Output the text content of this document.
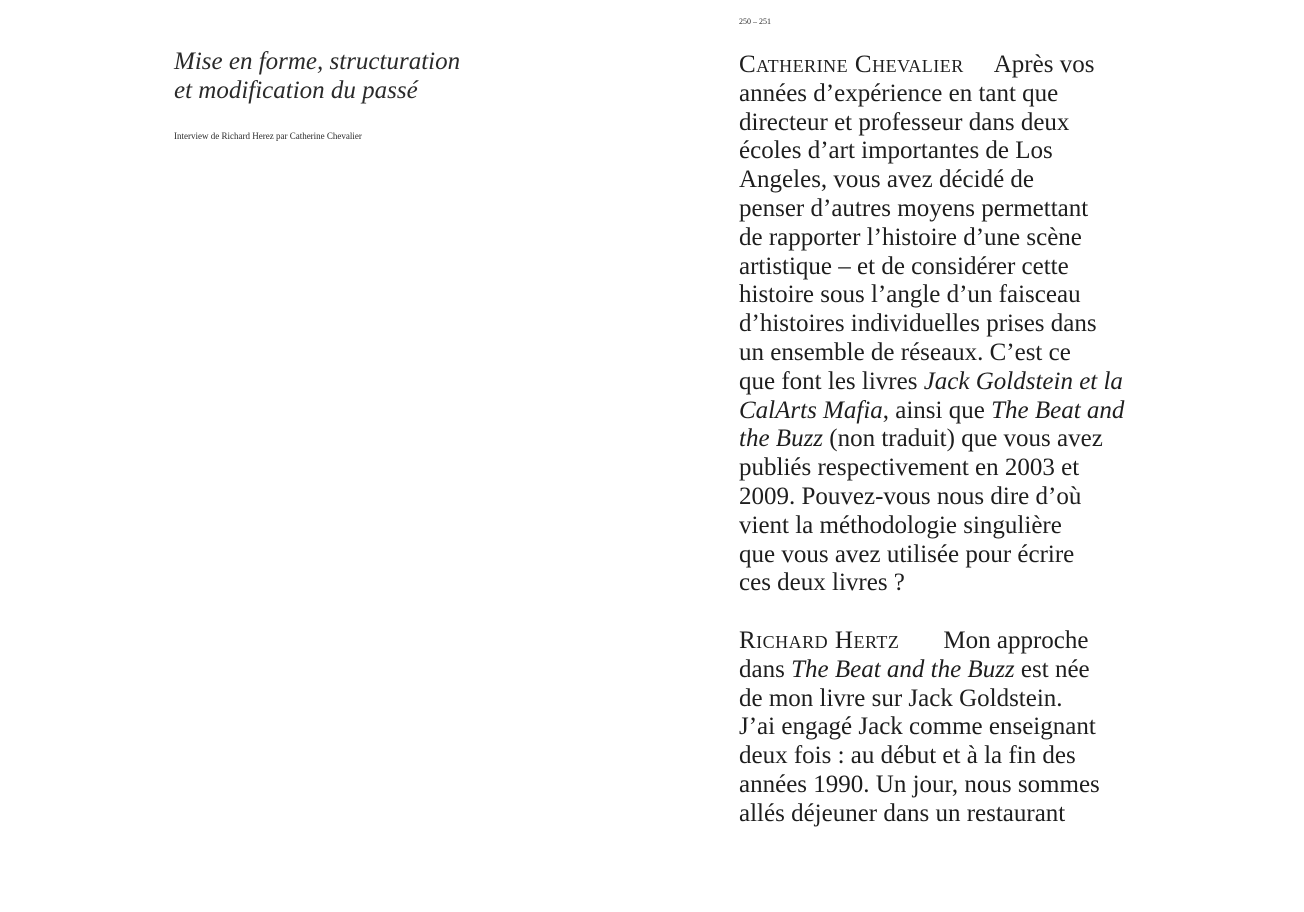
Mise en forme, structuration
et modification du passé

Interview de Richard Herez par Catherine Chevalier

250 – 251

Catherine Chevalier Après vos
années d’expérience en tant que
directeur et professeur dans deux
écoles d’art importantes de Los
Angeles, vous avez décidé de
penser d’autres moyens permettant
de rapporter l’histoire d’une scène
artistique – et de considérer cette
histoire sous l’angle d’un faisceau
d’histoires individuelles prises dans
un ensemble de réseaux. C’est ce
que font les livres Jack Goldstein et la
CalArts Mafia, ainsi que The Beat and
the Buzz (non traduit) que vous avez
publiés respectivement en 2003 et
2009. Pouvez-vous nous dire d’où
vient la méthodologie singulière
que vous avez utilisée pour écrire
ces deux livres ?

Richard Hertz Mon approche
dans The Beat and the Buzz est née
de mon livre sur Jack Goldstein.
J’ai engagé Jack comme enseignant
deux fois : au début et à la fin des
années 1990. Un jour, nous sommes
allés déjeuner dans un restaurant
